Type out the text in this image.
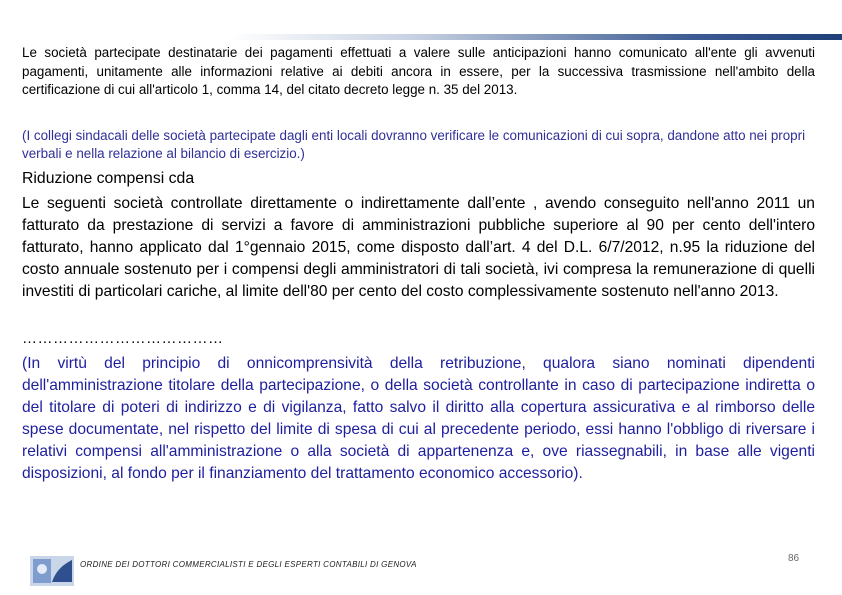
Le società partecipate destinatarie dei pagamenti effettuati a valere sulle anticipazioni hanno comunicato all'ente gli avvenuti pagamenti, unitamente alle informazioni relative ai debiti ancora in essere, per la successiva trasmissione nell'ambito della certificazione di cui all'articolo 1, comma 14, del citato decreto legge n. 35 del 2013.
(I collegi sindacali delle società partecipate dagli enti locali dovranno verificare le comunicazioni di cui sopra, dandone atto nei propri verbali e nella relazione al bilancio di esercizio.)
Riduzione compensi cda
Le seguenti società controllate direttamente o indirettamente dall’ente , avendo conseguito nell'anno 2011 un fatturato da prestazione di servizi a favore di amministrazioni pubbliche superiore al 90 per cento dell'intero fatturato, hanno applicato dal 1°gennaio 2015, come disposto dall’art. 4 del D.L. 6/7/2012, n.95 la riduzione del costo annuale sostenuto per i compensi degli amministratori di tali società, ivi compresa la remunerazione di quelli investiti di particolari cariche, al limite dell'80 per cento del costo complessivamente sostenuto nell'anno 2013.
…………………………………
(In virtù del principio di onnicomprensività della retribuzione, qualora siano nominati dipendenti dell'amministrazione titolare della partecipazione, o della società controllante in caso di partecipazione indiretta o del titolare di poteri di indirizzo e di vigilanza, fatto salvo il diritto alla copertura assicurativa e al rimborso delle spese documentate, nel rispetto del limite di spesa di cui al precedente periodo, essi hanno l'obbligo di riversare i relativi compensi all'amministrazione o alla società di appartenenza e, ove riassegnabili, in base alle vigenti disposizioni, al fondo per il finanziamento del trattamento economico accessorio).
ORDINE DEI DOTTORI COMMERCIALISTI E DEGLI ESPERTI CONTABILI DI GENOVA
86
